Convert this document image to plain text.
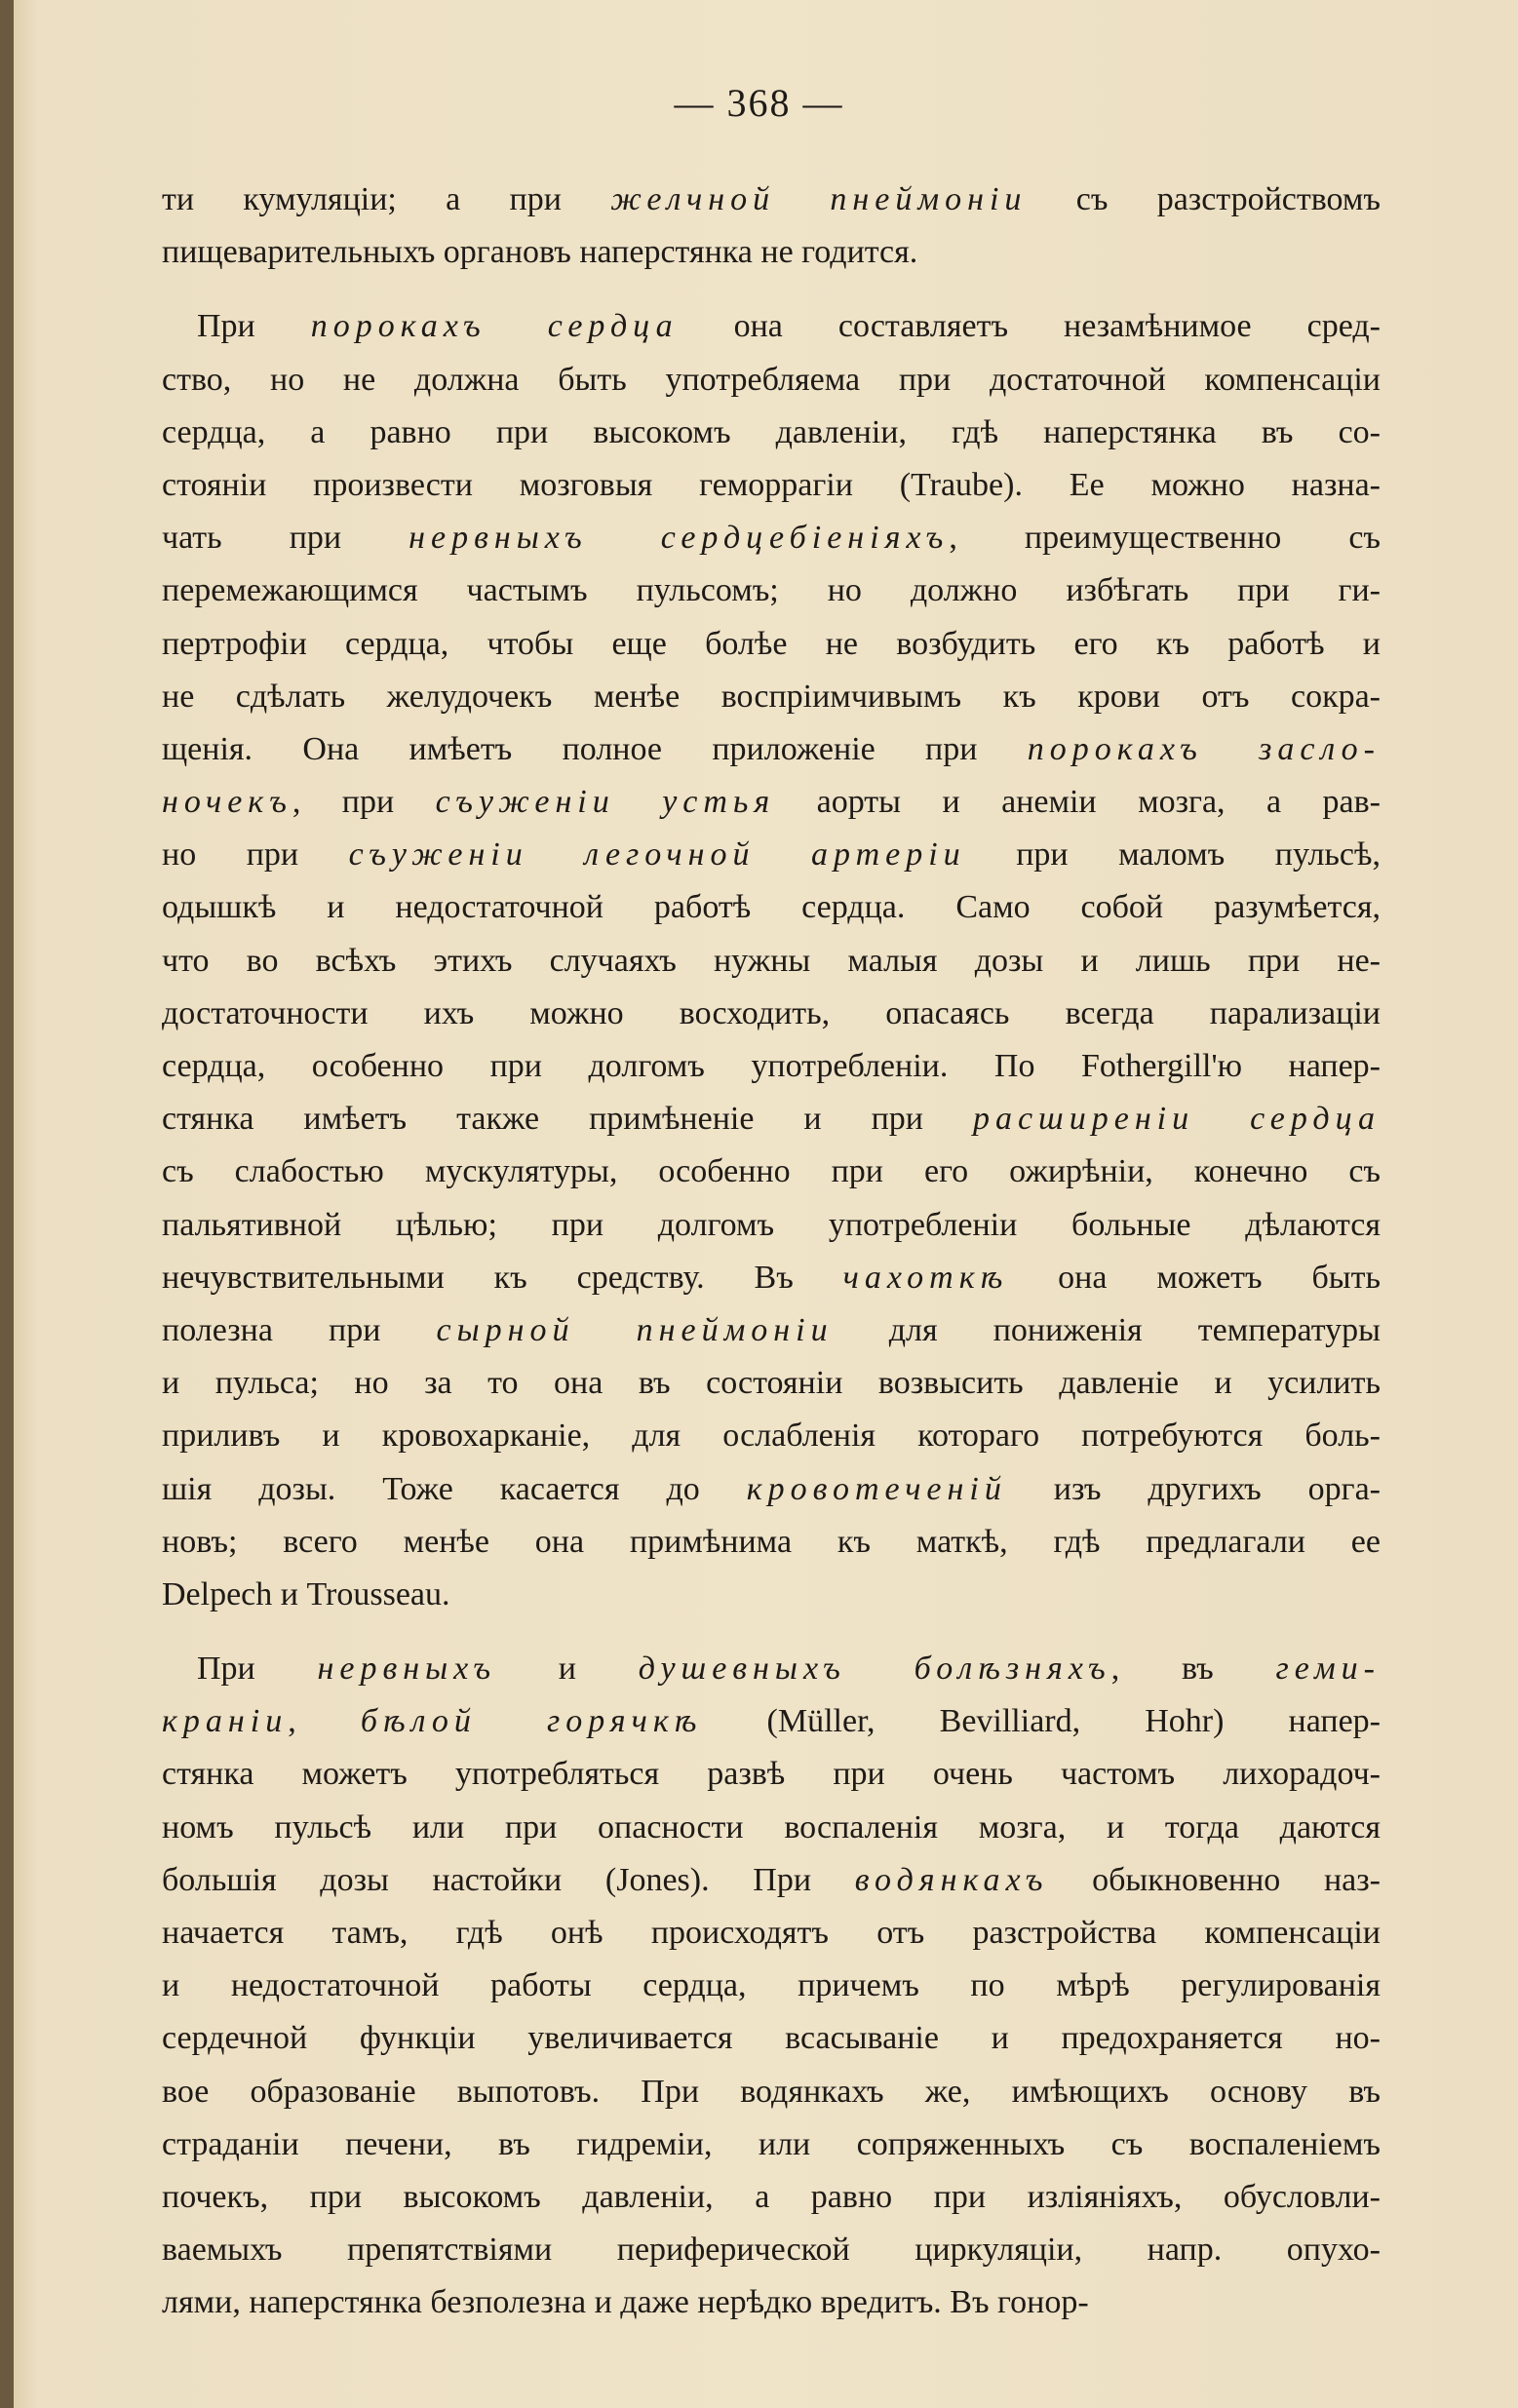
— 368 —
ти кумуляціи; а при желчной пнеймоніи съ разстройствомъ
пищеварительныхъ органовъ наперстянка не годится.
При порокахъ сердца она составляетъ незамѣнимое сред-
ство, но не должна быть употребляема при достаточной компенсаціи
сердца, а равно при высокомъ давленіи, гдѣ наперстянка въ со-
стояніи произвести мозговыя геморрагіи (Traube). Ее можно назна-
чать при нервныхъ сердцебіеніяхъ, преимущественно съ
перемежающимся частымъ пульсомъ; но должно избѣгать при ги-
пертрофіи сердца, чтобы еще болѣе не возбудить его къ работѣ и
не сдѣлать желудочекъ менѣе воспріимчивымъ къ крови отъ сокра-
щенія. Она имѣетъ полное приложеніе при порокахъ засло-
ночекъ, при съуженіи устья аорты и анеміи мозга, а рав-
но при съуженіи легочной артеріи при маломъ пульсѣ,
одышкѣ и недостаточной работѣ сердца. Само собой разумѣется,
что во всѣхъ этихъ случаяхъ нужны малыя дозы и лишь при не-
достаточности ихъ можно восходить, опасаясь всегда парализаціи
сердца, особенно при долгомъ употребленіи. По Fothergill'ю напер-
стянка имѣетъ также примѣненіе и при расширеніи сердца
съ слабостью мускулятуры, особенно при его ожирѣніи, конечно съ
пальятивной цѣлью; при долгомъ употребленіи больные дѣлаются
нечувствительными къ средству. Въ чахоткѣ она можетъ быть
полезна при сырной пнеймоніи для пониженія температуры
и пульса; но за то она въ состояніи возвысить давленіе и усилить
приливъ и кровохарканіе, для ослабленія котораго потребуются боль-
шія дозы. Тоже касается до кровотеченій изъ другихъ орга-
новъ; всего менѣе она примѣнима къ маткѣ, гдѣ предлагали ее
Delpech и Trousseau.
При нервныхъ и душевныхъ болѣзняхъ, въ геми-
краніи, бѣлой горячкѣ (Müller, Bevilliard, Hohr) напер-
стянка можетъ употребляться развѣ при очень частомъ лихорадоч-
номъ пульсѣ или при опасности воспаленія мозга, и тогда даются
большія дозы настойки (Jones). При водянкахъ обыкновенно наз-
начается тамъ, гдѣ онѣ происходятъ отъ разстройства компенсаціи
и недостаточной работы сердца, причемъ по мѣрѣ регулированія
сердечной функціи увеличивается всасываніе и предохраняется но-
вое образованіе выпотовъ. При водянкахъ же, имѣющихъ основу въ
страданіи печени, въ гидреміи, или сопряженныхъ съ воспаленіемъ
почекъ, при высокомъ давленіи, а равно при изліяніяхъ, обусловли-
ваемыхъ препятствіями периферической циркуляціи, напр. опухо-
лями, наперстянка безполезна и даже нерѣдко вредитъ. Въ гонор-
